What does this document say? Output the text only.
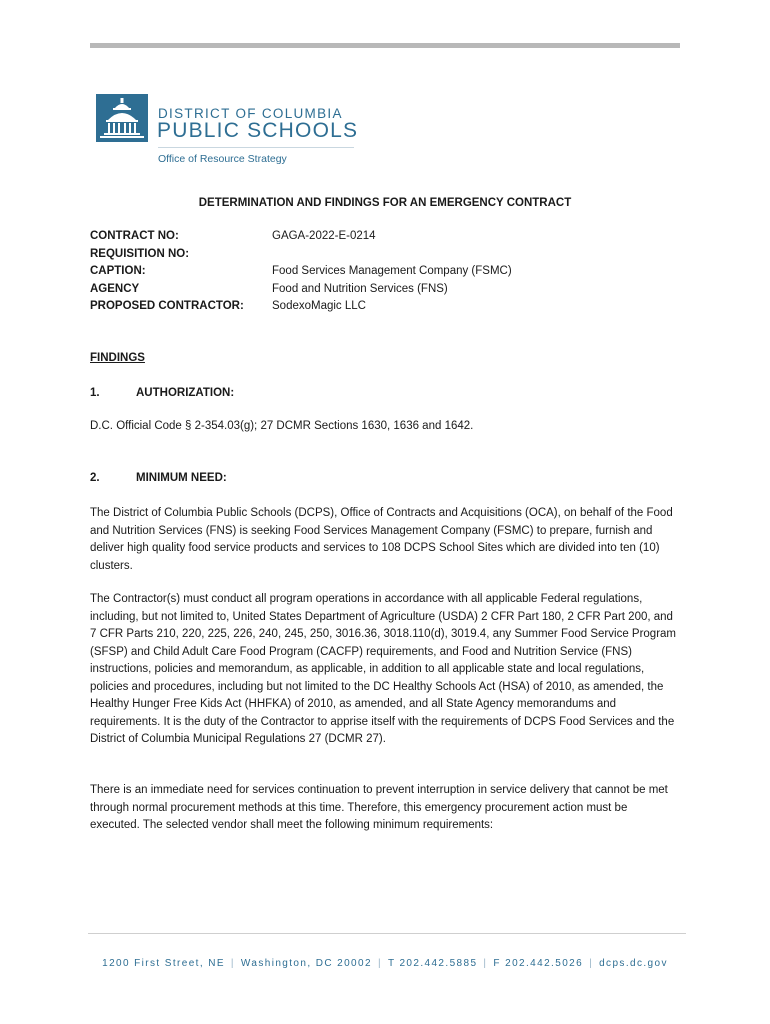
DISTRICT OF COLUMBIA
PUBLIC SCHOOLS
Office of Resource Strategy
DETERMINATION AND FINDINGS FOR AN EMERGENCY CONTRACT
CONTRACT NO:	GAGA-2022-E-0214
REQUISITION NO:
CAPTION:	Food Services Management Company (FSMC)
AGENCY	Food and Nutrition Services (FNS)
PROPOSED CONTRACTOR: SodexoMagic LLC
FINDINGS
1.	AUTHORIZATION:
D.C. Official Code § 2-354.03(g); 27 DCMR Sections 1630, 1636 and 1642.
2.	MINIMUM NEED:
The District of Columbia Public Schools (DCPS), Office of Contracts and Acquisitions (OCA), on behalf of the Food and Nutrition Services (FNS) is seeking Food Services Management Company (FSMC) to prepare, furnish and deliver high quality food service products and services to 108 DCPS School Sites which are divided into ten (10) clusters.
The Contractor(s) must conduct all program operations in accordance with all applicable Federal regulations, including, but not limited to, United States Department of Agriculture (USDA) 2 CFR Part 180, 2 CFR Part 200, and 7 CFR Parts 210, 220, 225, 226, 240, 245, 250, 3016.36, 3018.110(d), 3019.4, any Summer Food Service Program (SFSP) and Child Adult Care Food Program (CACFP) requirements, and Food and Nutrition Service (FNS) instructions, policies and memorandum, as applicable, in addition to all applicable state and local regulations, policies and procedures, including but not limited to the DC Healthy Schools Act (HSA) of 2010, as amended, the Healthy Hunger Free Kids Act (HHFKA) of 2010, as amended, and all State Agency memorandums and requirements. It is the duty of the Contractor to apprise itself with the requirements of DCPS Food Services and the District of Columbia Municipal Regulations 27 (DCMR 27).
There is an immediate need for services continuation to prevent interruption in service delivery that cannot be met through normal procurement methods at this time. Therefore, this emergency procurement action must be executed. The selected vendor shall meet the following minimum requirements:
1200 First Street, NE | Washington, DC 20002 | T 202.442.5885 | F 202.442.5026 | dcps.dc.gov
